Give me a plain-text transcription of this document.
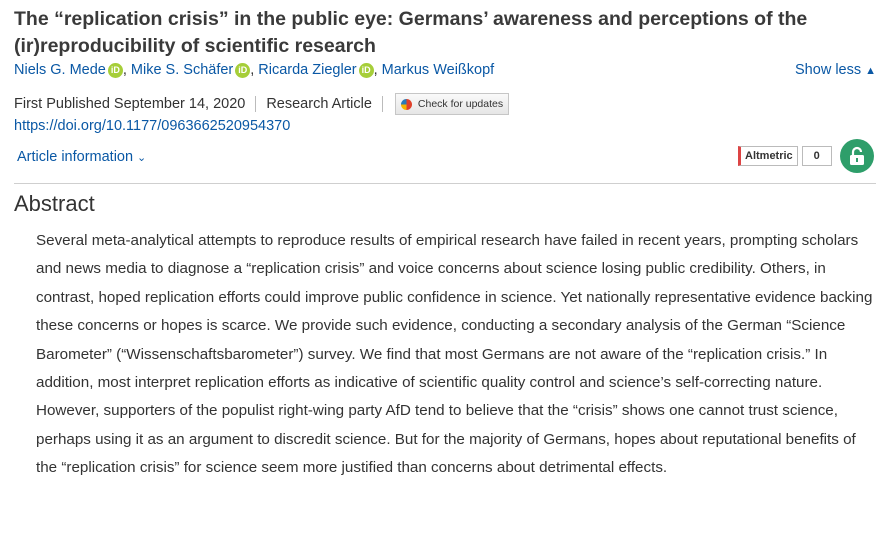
The “replication crisis” in the public eye: Germans’ awareness and perceptions of the (ir)reproducibility of scientific research
Niels G. Mede iD , Mike S. Schäfer iD , Ricarda Ziegler iD , Markus Weißkopf	Show less ▲
First Published September 14, 2020 Research Article	Check for updates
https://doi.org/10.1177/0963662520954370
Article information ⌄	Altmetric	0
Abstract

Several meta-analytical attempts to reproduce results of empirical research have failed in recent years, prompting scholars and news media to diagnose a “replication crisis” and voice concerns about science losing public credibility. Others, in contrast, hoped replication efforts could improve public confidence in science. Yet nationally representative evidence backing these concerns or hopes is scarce. We provide such evidence, conducting a secondary analysis of the German “Science Barometer” (“Wissenschaftsbarometer”) survey. We find that most Germans are not aware of the “replication crisis.” In addition, most interpret replication efforts as indicative of scientific quality control and science’s self-correcting nature. However, supporters of the populist right-wing party AfD tend to believe that the “crisis” shows one cannot trust science, perhaps using it as an argument to discredit science. But for the majority of Germans, hopes about reputational benefits of the “replication crisis” for science seem more justified than concerns about detrimental effects.
